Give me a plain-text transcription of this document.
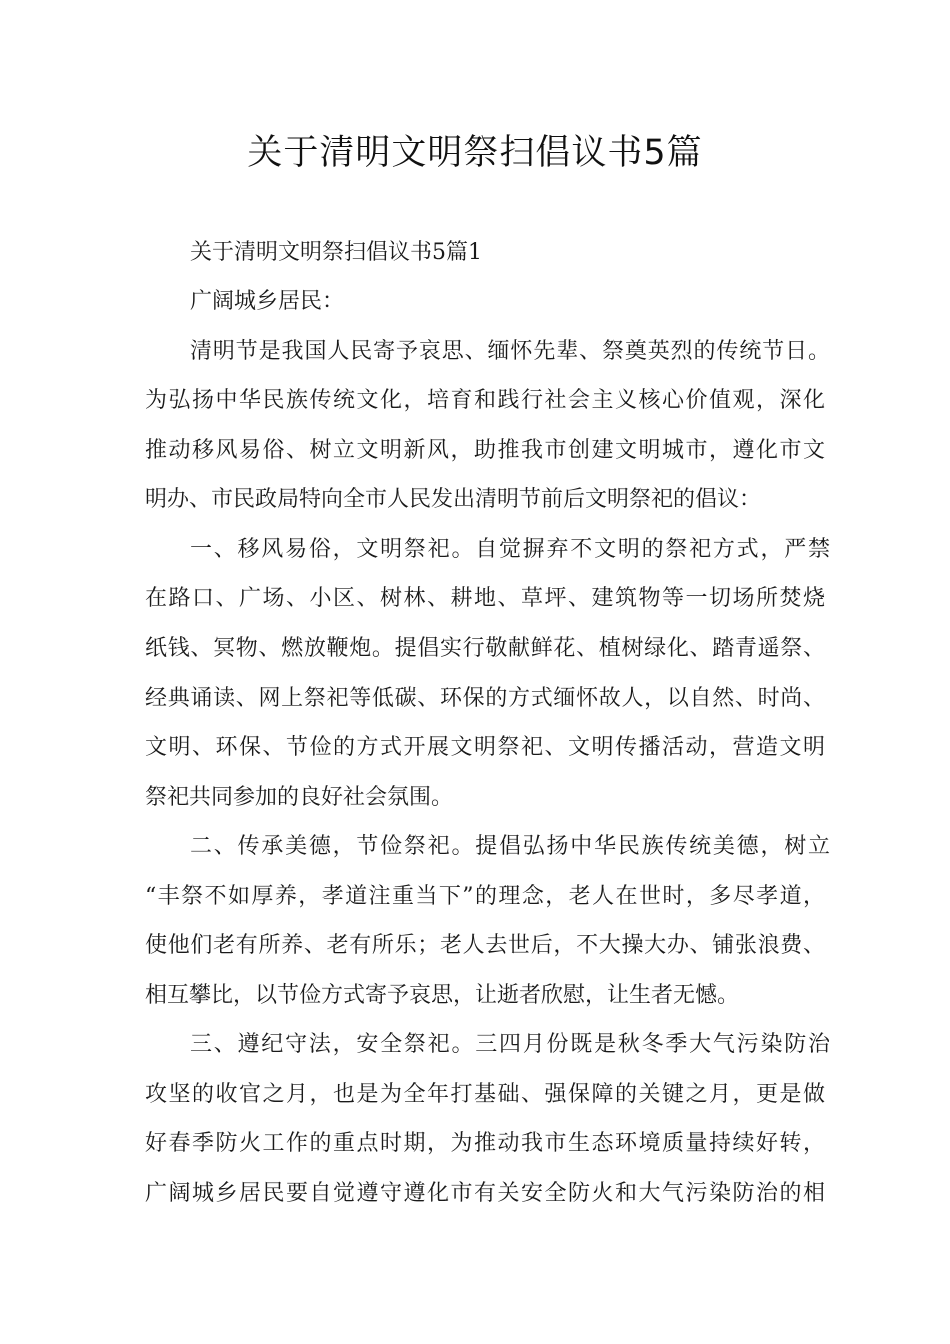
关于清明文明祭扫倡议书5篇

关于清明文明祭扫倡议书5篇1

广阔城乡居民：

清明节是我国人民寄予哀思、缅怀先辈、祭奠英烈的传统节日。

为弘扬中华民族传统文化，培育和践行社会主义核心价值观，深化

推动移风易俗、树立文明新风，助推我市创建文明城市，遵化市文

明办、市民政局特向全市人民发出清明节前后文明祭祀的倡议：

一、移风易俗，文明祭祀。自觉摒弃不文明的祭祀方式，严禁

在路口、广场、小区、树林、耕地、草坪、建筑物等一切场所焚烧

纸钱、冥物、燃放鞭炮。提倡实行敬献鲜花、植树绿化、踏青遥祭、

经典诵读、网上祭祀等低碳、环保的方式缅怀故人，以自然、时尚、

文明、环保、节俭的方式开展文明祭祀、文明传播活动，营造文明

祭祀共同参加的良好社会氛围。

二、传承美德，节俭祭祀。提倡弘扬中华民族传统美德，树立

“丰祭不如厚养，孝道注重当下”的理念，老人在世时，多尽孝道，

使他们老有所养、老有所乐；老人去世后，不大操大办、铺张浪费、

相互攀比，以节俭方式寄予哀思，让逝者欣慰，让生者无憾。

三、遵纪守法，安全祭祀。三四月份既是秋冬季大气污染防治

攻坚的收官之月，也是为全年打基础、强保障的关键之月，更是做

好春季防火工作的重点时期，为推动我市生态环境质量持续好转，

广阔城乡居民要自觉遵守遵化市有关安全防火和大气污染防治的相
